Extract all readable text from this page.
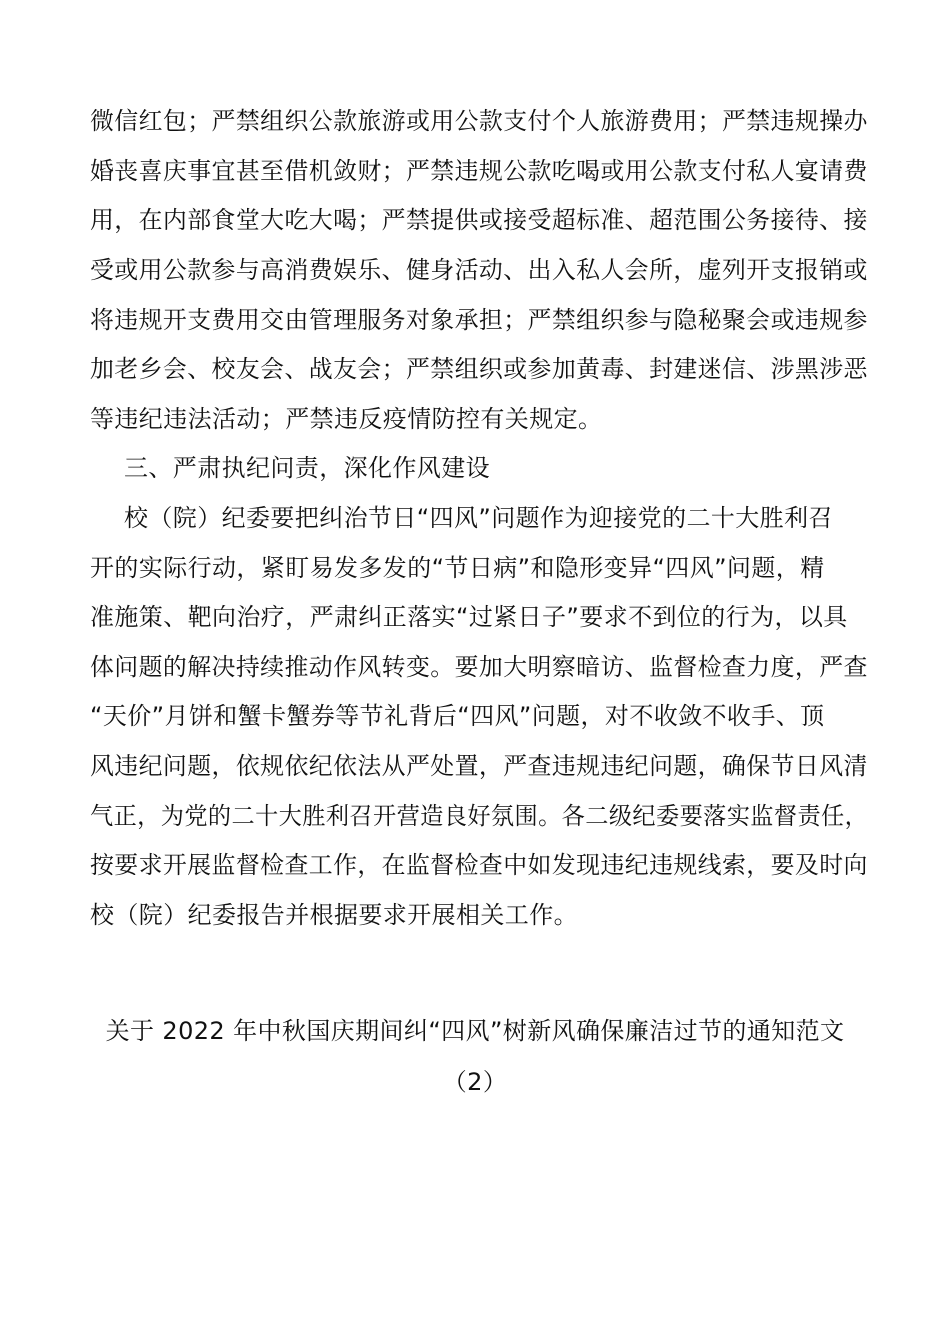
微信红包；严禁组织公款旅游或用公款支付个人旅游费用；严禁违规操办
婚丧喜庆事宜甚至借机敛财；严禁违规公款吃喝或用公款支付私人宴请费
用，在内部食堂大吃大喝；严禁提供或接受超标准、超范围公务接待、接
受或用公款参与高消费娱乐、健身活动、出入私人会所，虚列开支报销或
将违规开支费用交由管理服务对象承担；严禁组织参与隐秘聚会或违规参
加老乡会、校友会、战友会；严禁组织或参加黄毒、封建迷信、涉黑涉恶
等违纪违法活动；严禁违反疫情防控有关规定。
三、严肃执纪问责，深化作风建设
校（院）纪委要把纠治节日“四风”问题作为迎接党的二十大胜利召
开的实际行动，紧盯易发多发的“节日病”和隐形变异“四风”问题，精
准施策、靶向治疗，严肃纠正落实“过紧日子”要求不到位的行为，以具
体问题的解决持续推动作风转变。要加大明察暗访、监督检查力度，严查
“天价”月饼和蟹卡蟹券等节礼背后“四风”问题，对不收敛不收手、顶
风违纪问题，依规依纪依法从严处置，严查违规违纪问题，确保节日风清
气正，为党的二十大胜利召开营造良好氛围。各二级纪委要落实监督责任，
按要求开展监督检查工作，在监督检查中如发现违纪违规线索，要及时向
校（院）纪委报告并根据要求开展相关工作。
关于 2022 年中秋国庆期间纠“四风”树新风确保廉洁过节的通知范文
（2）
